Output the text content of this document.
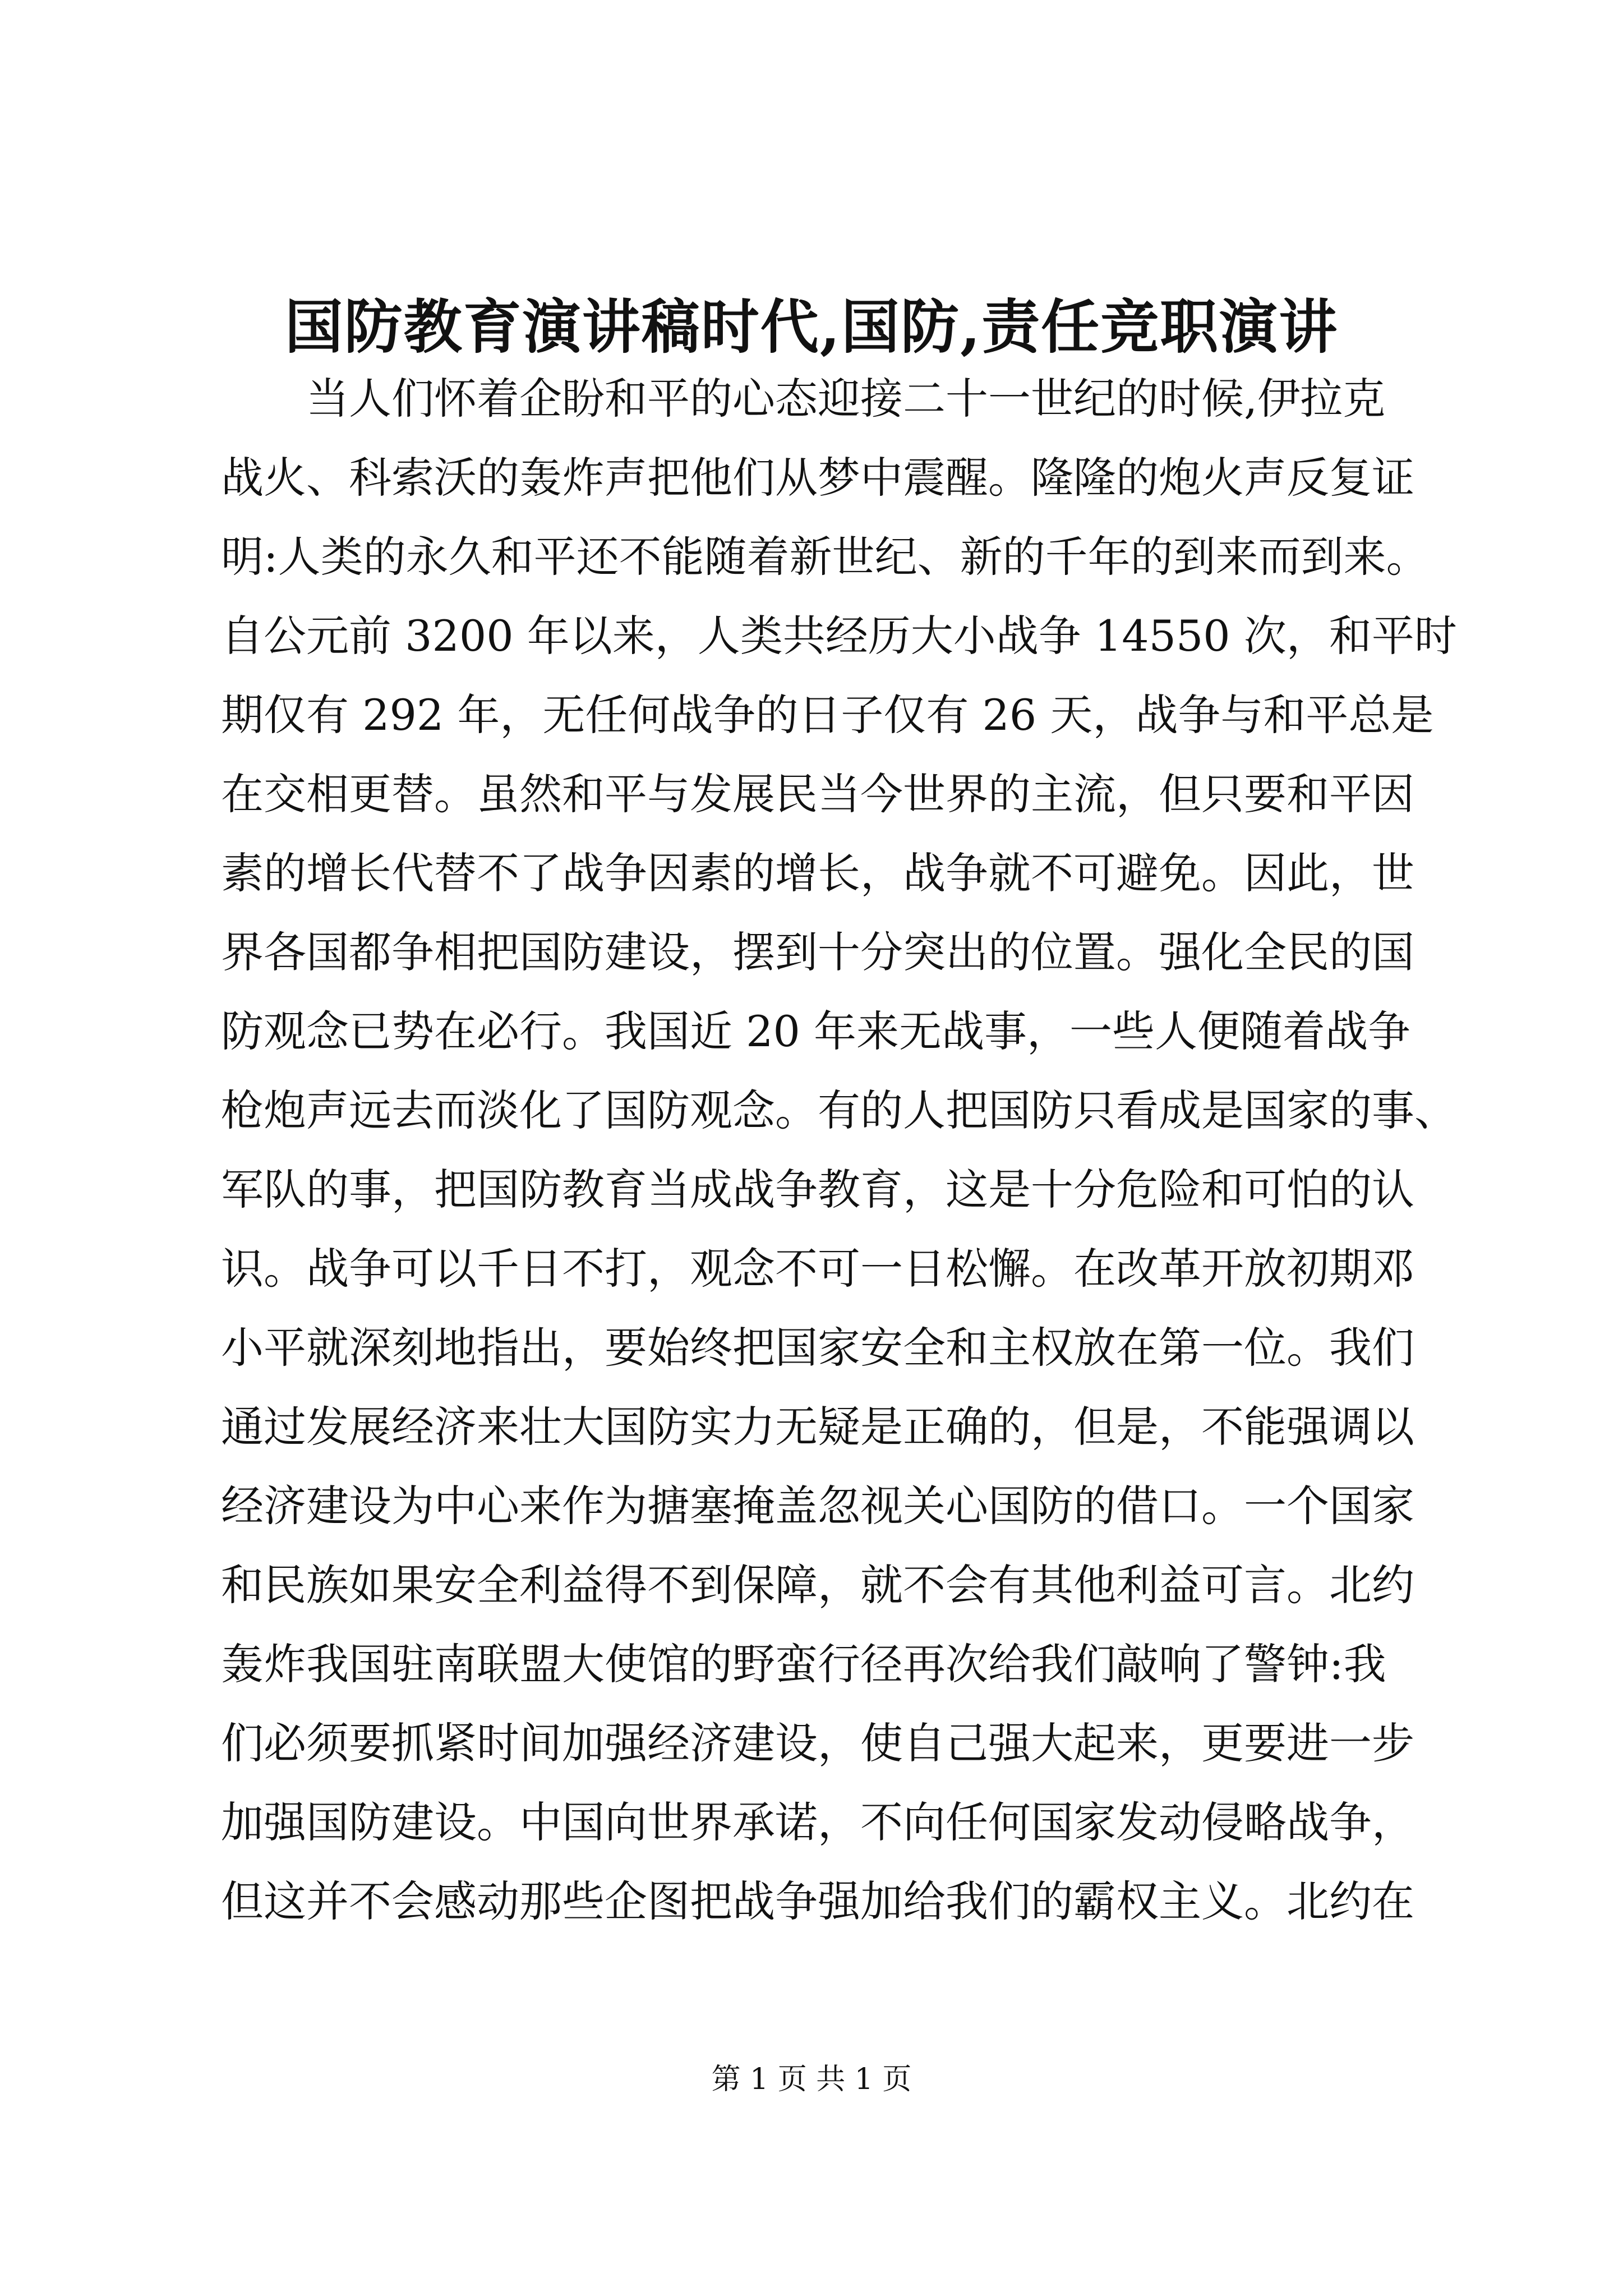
国防教育演讲稿时代,国防,责任竞职演讲
当人们怀着企盼和平的心态迎接二十一世纪的时候,伊拉克
战火、科索沃的轰炸声把他们从梦中震醒。隆隆的炮火声反复证
明:人类的永久和平还不能随着新世纪、新的千年的到来而到来。
自公元前 3200 年以来，人类共经历大小战争 14550 次，和平时
期仅有 292 年，无任何战争的日子仅有 26 天，战争与和平总是
在交相更替。虽然和平与发展民当今世界的主流，但只要和平因
素的增长代替不了战争因素的增长，战争就不可避免。因此，世
界各国都争相把国防建设，摆到十分突出的位置。强化全民的国
防观念已势在必行。我国近 20 年来无战事，一些人便随着战争
枪炮声远去而淡化了国防观念。有的人把国防只看成是国家的事、
军队的事，把国防教育当成战争教育，这是十分危险和可怕的认
识。战争可以千日不打，观念不可一日松懈。在改革开放初期邓
小平就深刻地指出，要始终把国家安全和主权放在第一位。我们
通过发展经济来壮大国防实力无疑是正确的，但是，不能强调以
经济建设为中心来作为搪塞掩盖忽视关心国防的借口。一个国家
和民族如果安全利益得不到保障，就不会有其他利益可言。北约
轰炸我国驻南联盟大使馆的野蛮行径再次给我们敲响了警钟:我
们必须要抓紧时间加强经济建设，使自己强大起来，更要进一步
加强国防建设。中国向世界承诺，不向任何国家发动侵略战争，
但这并不会感动那些企图把战争强加给我们的霸权主义。北约在
第 1 页 共 1 页
